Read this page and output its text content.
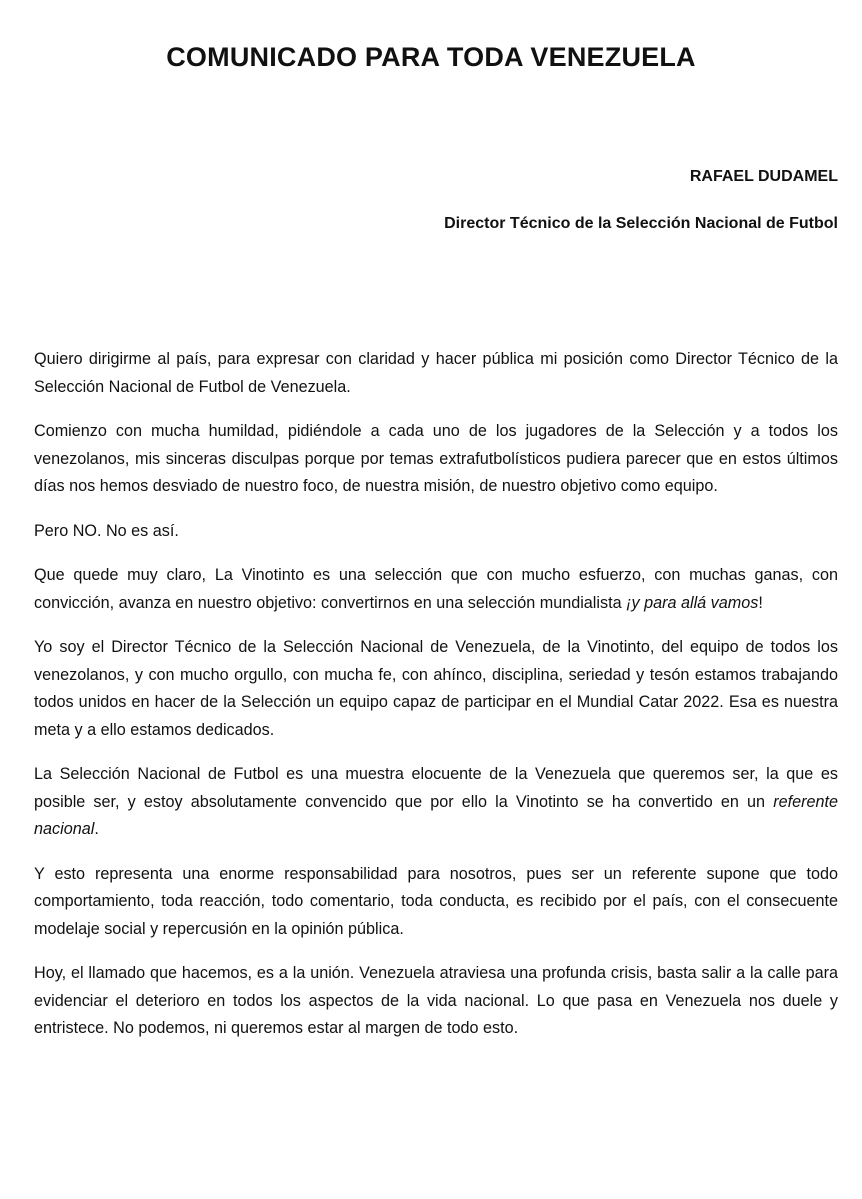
COMUNICADO PARA TODA VENEZUELA
RAFAEL DUDAMEL
Director Técnico de la Selección Nacional de Futbol

Quiero dirigirme al país, para expresar con claridad y hacer pública mi posición como Director Técnico de la Selección Nacional de Futbol de Venezuela.

Comienzo con mucha humildad, pidiéndole a cada uno de los jugadores de la Selección y a todos los venezolanos, mis sinceras disculpas porque por temas extrafutbolísticos pudiera parecer que en estos últimos días nos hemos desviado de nuestro foco, de nuestra misión, de nuestro objetivo como equipo.

Pero NO. No es así.

Que quede muy claro, La Vinotinto es una selección que con mucho esfuerzo, con muchas ganas, con convicción, avanza en nuestro objetivo: convertirnos en una selección mundialista ¡y para allá vamos!

Yo soy el Director Técnico de la Selección Nacional de Venezuela, de la Vinotinto, del equipo de todos los venezolanos, y con mucho orgullo, con mucha fe, con ahínco, disciplina, seriedad y tesón estamos trabajando todos unidos en hacer de la Selección un equipo capaz de participar en el Mundial Catar 2022. Esa es nuestra meta y a ello estamos dedicados.

La Selección Nacional de Futbol es una muestra elocuente de la Venezuela que queremos ser, la que es posible ser, y estoy absolutamente convencido que por ello la Vinotinto se ha convertido en un referente nacional.

Y esto representa una enorme responsabilidad para nosotros, pues ser un referente supone que todo comportamiento, toda reacción, todo comentario, toda conducta, es recibido por el país, con el consecuente modelaje social y repercusión en la opinión pública.

Hoy, el llamado que hacemos, es a la unión. Venezuela atraviesa una profunda crisis, basta salir a la calle para evidenciar el deterioro en todos los aspectos de la vida nacional. Lo que pasa en Venezuela nos duele y entristece. No podemos, ni queremos estar al margen de todo esto.
